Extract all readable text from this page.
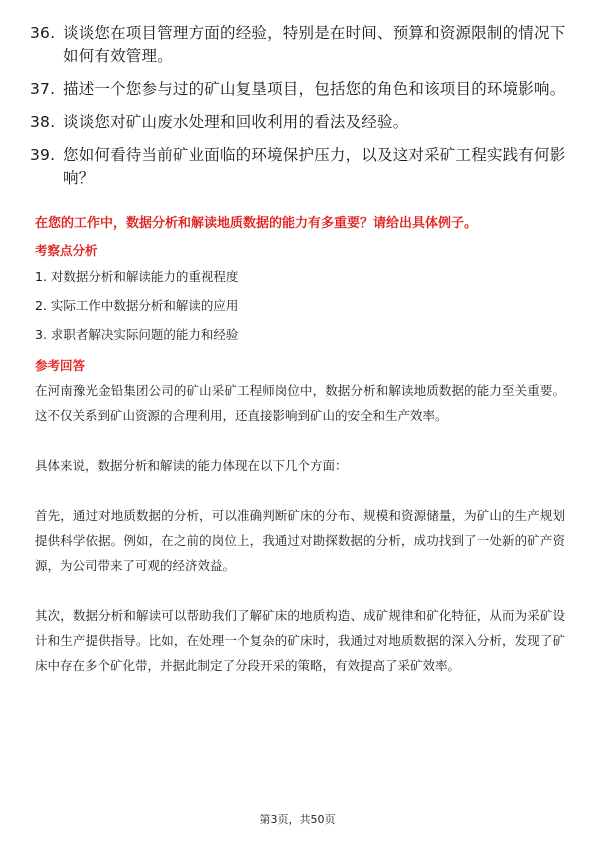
36. 谈谈您在项目管理方面的经验，特别是在时间、预算和资源限制的情况下如何有效管理。
37. 描述一个您参与过的矿山复垦项目，包括您的角色和该项目的环境影响。
38. 谈谈您对矿山废水处理和回收利用的看法及经验。
39. 您如何看待当前矿业面临的环境保护压力，以及这对采矿工程实践有何影响？

在您的工作中，数据分析和解读地质数据的能力有多重要？请给出具体例子。

考察点分析

1. 对数据分析和解读能力的重视程度

2. 实际工作中数据分析和解读的应用

3. 求职者解决实际问题的能力和经验

参考回答

在河南豫光金铅集团公司的矿山采矿工程师岗位中，数据分析和解读地质数据的能力至关重要。这不仅关系到矿山资源的合理利用，还直接影响到矿山的安全和生产效率。

具体来说，数据分析和解读的能力体现在以下几个方面：

首先，通过对地质数据的分析，可以准确判断矿床的分布、规模和资源储量，为矿山的生产规划提供科学依据。例如，在之前的岗位上，我通过对勘探数据的分析，成功找到了一处新的矿产资源，为公司带来了可观的经济效益。

其次，数据分析和解读可以帮助我们了解矿床的地质构造、成矿规律和矿化特征，从而为采矿设计和生产提供指导。比如，在处理一个复杂的矿床时，我通过对地质数据的深入分析，发现了矿床中存在多个矿化带，并据此制定了分段开采的策略，有效提高了采矿效率。

第3页，共50页
